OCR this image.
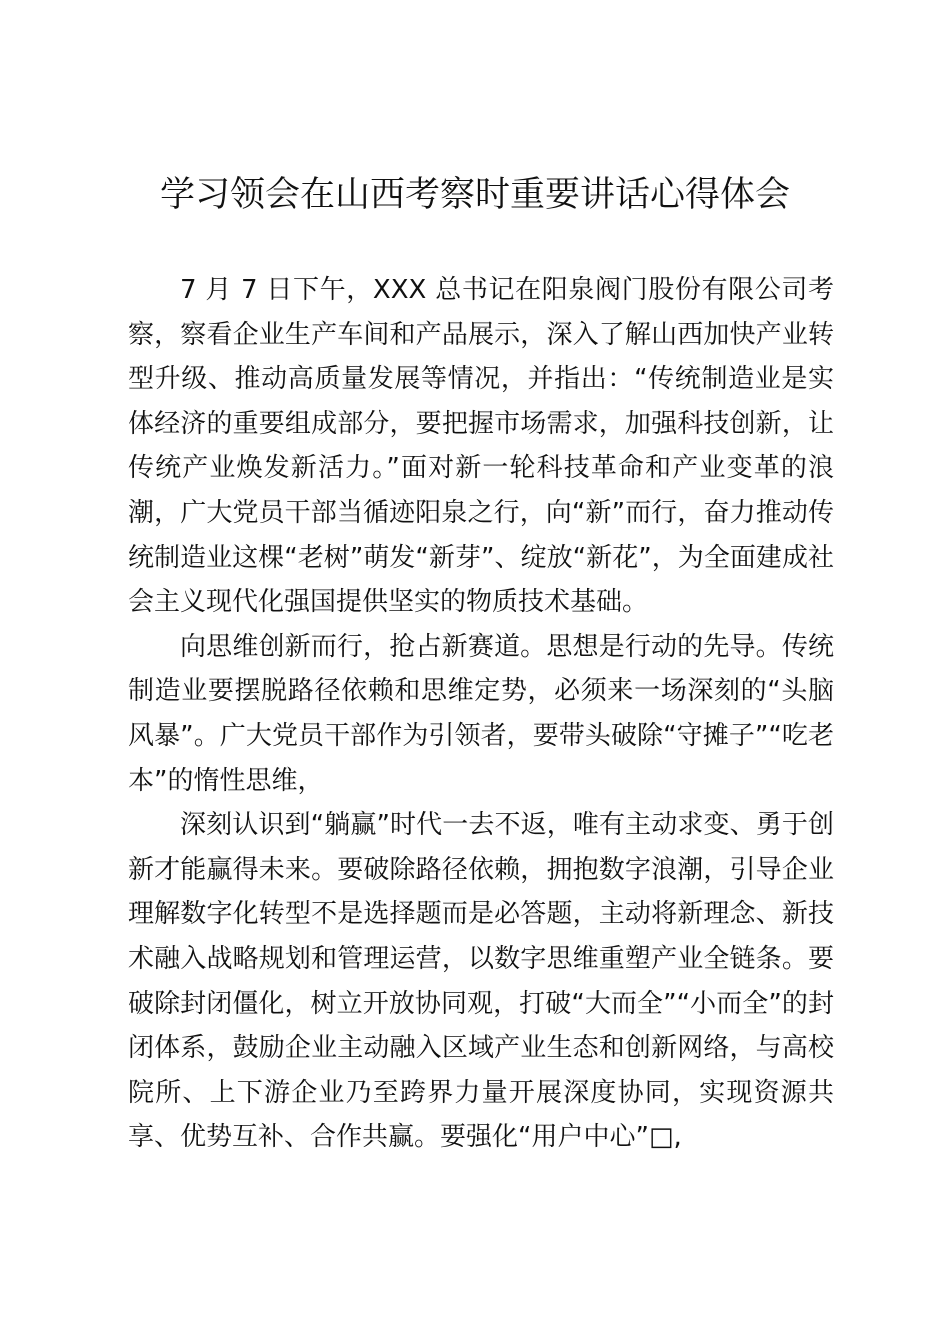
学习领会在山西考察时重要讲话心得体会

7 月 7 日下午，XXX 总书记在阳泉阀门股份有限公司考察，察看企业生产车间和产品展示，深入了解山西加快产业转型升级、推动高质量发展等情况，并指出：“传统制造业是实体经济的重要组成部分，要把握市场需求，加强科技创新，让传统产业焕发新活力。”面对新一轮科技革命和产业变革的浪潮，广大党员干部当循迹阳泉之行，向“新”而行，奋力推动传统制造业这棵“老树”萌发“新芽”、绽放“新花”，为全面建成社会主义现代化强国提供坚实的物质技术基础。

向思维创新而行，抢占新赛道。思想是行动的先导。传统制造业要摆脱路径依赖和思维定势，必须来一场深刻的“头脑风暴”。广大党员干部作为引领者，要带头破除“守摊子”“吃老本”的惰性思维，

深刻认识到“躺赢”时代一去不返，唯有主动求变、勇于创新才能赢得未来。要破除路径依赖，拥抱数字浪潮，引导企业理解数字化转型不是选择题而是必答题，主动将新理念、新技术融入战略规划和管理运营，以数字思维重塑产业全链条。要破除封闭僵化，树立开放协同观，打破“大而全”“小而全”的封闭体系，鼓励企业主动融入区域产业生态和创新网络，与高校院所、上下游企业乃至跨界力量开展深度协同，实现资源共享、优势互补、合作共赢。要强化“用户中心”□,
